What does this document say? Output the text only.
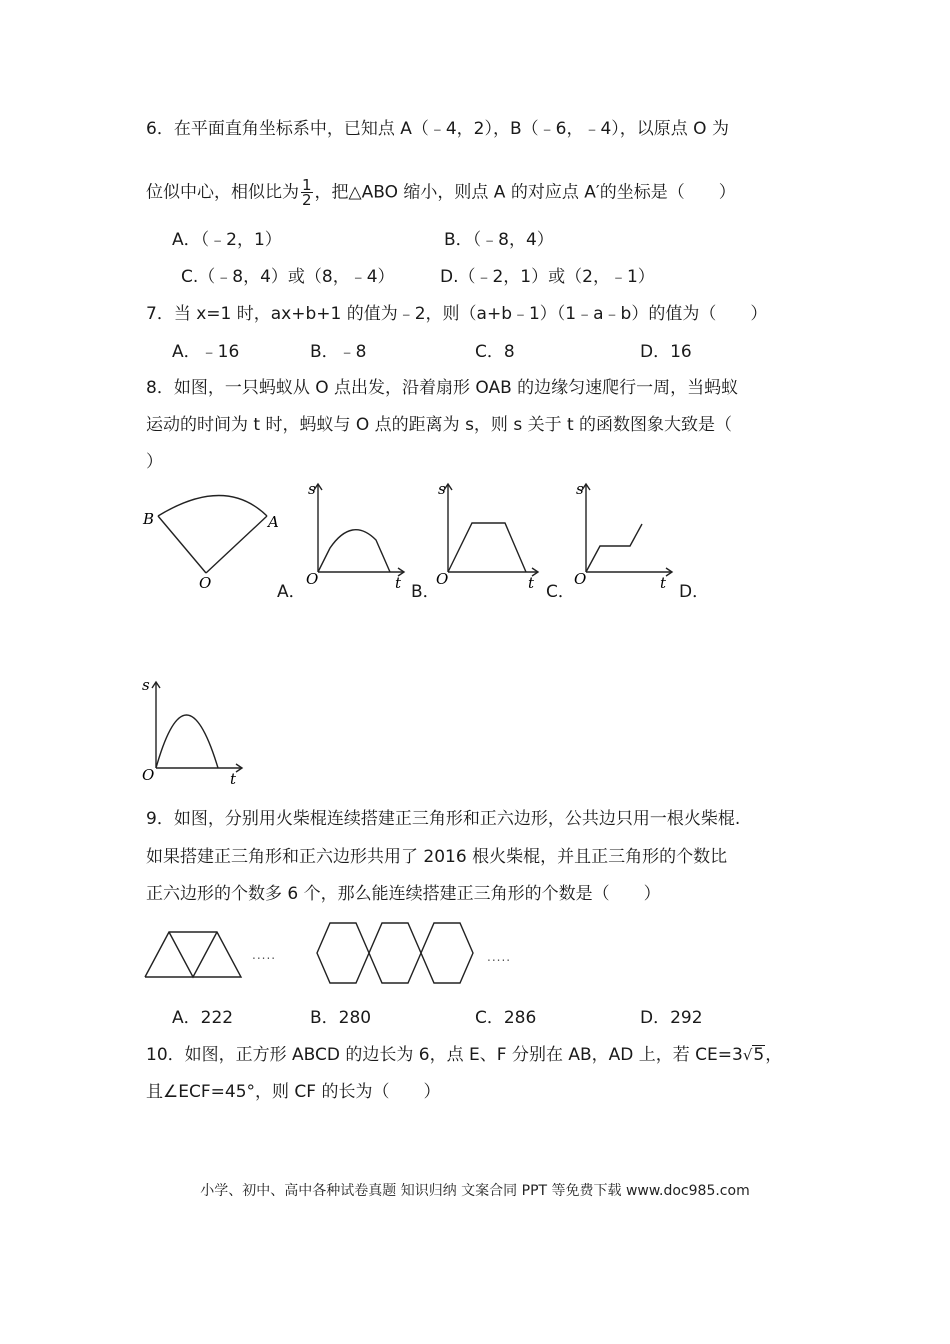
6．在平面直角坐标系中，已知点 A（﹣4，2），B（﹣6，﹣4），以原点 O 为
位似中心，相似比为 $\frac{1}{2}$ ，把△ABO 缩小，则点 A 的对应点 A′的坐标是（　　）
A．（﹣2，1）	B．（﹣8，4）
C.（﹣8，4）或（8，﹣4）	D.（﹣2，1）或（2，﹣1）
7．当 x=1 时，ax+b+1 的值为﹣2，则（a+b﹣1）（1﹣a﹣b）的值为（　　）
A．﹣16	B．﹣8	C．8	D．16
8．如图，一只蚂蚁从 O 点出发，沿着扇形 OAB 的边缘匀速爬行一周，当蚂蚁
运动的时间为 t 时，蚂蚁与 O 点的距离为 s，则 s 关于 t 的函数图象大致是（
）
B	A
O
s
t
O
A．
s
t
O
B．
s
t
O
C．	D．
s
t
O
9．如图，分别用火柴棍连续搭建正三角形和正六边形，公共边只用一根火柴棍.
如果搭建正三角形和正六边形共用了 2016 根火柴棍，并且正三角形的个数比
正六边形的个数多 6 个，那么能连续搭建正三角形的个数是（　　）
.....	.....
A．222	B．280	C．286	D．292
10．如图，正方形 ABCD 的边长为 6，点 E、F 分别在 AB，AD 上，若 CE=3√5，
且∠ECF=45°，则 CF 的长为（　　）
小学、初中、高中各种试卷真题 知识归纳 文案合同 PPT 等免费下载 www.doc985.com
